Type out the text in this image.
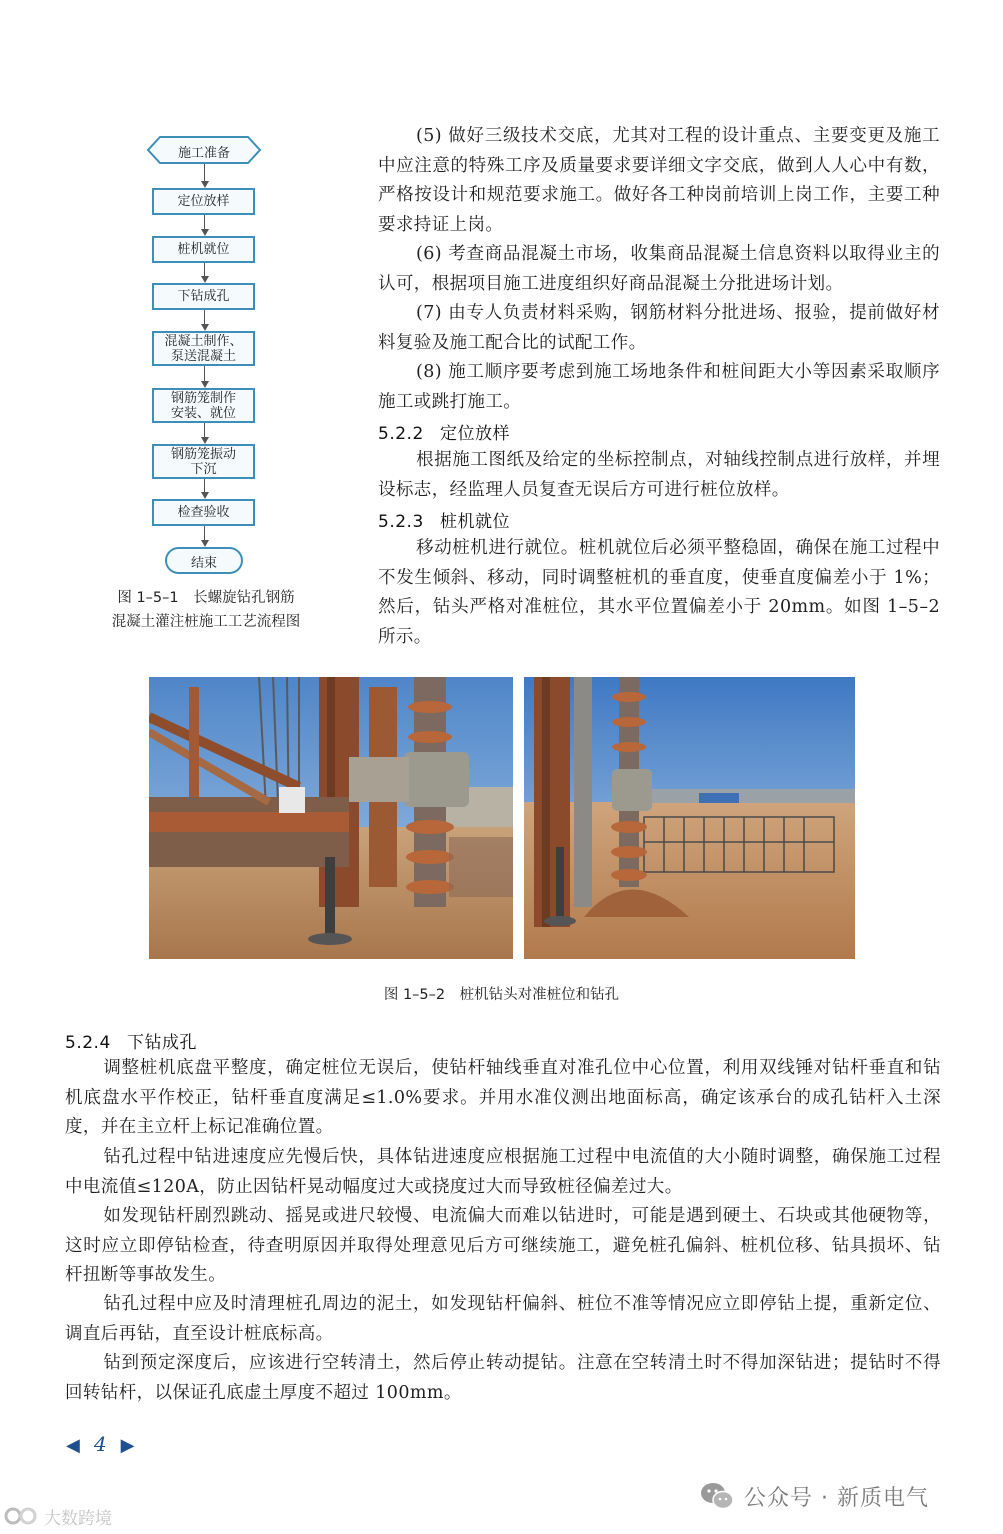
施工准备
定位放样
桩机就位
下钻成孔
混凝土制作、
泵送混凝土
钢筋笼制作
安装、就位
钢筋笼振动
下沉
检查验收
结束
图 1–5–1　长螺旋钻孔钢筋
混凝土灌注桩施工工艺流程图

(5) 做好三级技术交底，尤其对工程的设计重点、主要变更及施工中应注意的特殊工序及质量要求要详细文字交底，做到人人心中有数，严格按设计和规范要求施工。做好各工种岗前培训上岗工作，主要工种要求持证上岗。

(6) 考查商品混凝土市场，收集商品混凝土信息资料以取得业主的认可，根据项目施工进度组织好商品混凝土分批进场计划。

(7) 由专人负责材料采购，钢筋材料分批进场、报验，提前做好材料复验及施工配合比的试配工作。

(8) 施工顺序要考虑到施工场地条件和桩间距大小等因素采取顺序施工或跳打施工。

5.2.2 定位放样

根据施工图纸及给定的坐标控制点，对轴线控制点进行放样，并埋设标志，经监理人员复查无误后方可进行桩位放样。

5.2.3 桩机就位

移动桩机进行就位。桩机就位后必须平整稳固，确保在施工过程中不发生倾斜、移动，同时调整桩机的垂直度，使垂直度偏差小于 1%；然后，钻头严格对准桩位，其水平位置偏差小于 20mm。如图 1–5–2 所示。

图 1–5–2　桩机钻头对准桩位和钻孔
5.2.4 下钻成孔

调整桩机底盘平整度，确定桩位无误后，使钻杆轴线垂直对准孔位中心位置，利用双线锤对钻杆垂直和钻机底盘水平作校正，钻杆垂直度满足≤1.0%要求。并用水准仪测出地面标高，确定该承台的成孔钻杆入土深度，并在主立杆上标记准确位置。

钻孔过程中钻进速度应先慢后快，具体钻进速度应根据施工过程中电流值的大小随时调整，确保施工过程中电流值≤120A，防止因钻杆晃动幅度过大或挠度过大而导致桩径偏差过大。

如发现钻杆剧烈跳动、摇晃或进尺较慢、电流偏大而难以钻进时，可能是遇到硬土、石块或其他硬物等，这时应立即停钻检查，待查明原因并取得处理意见后方可继续施工，避免桩孔偏斜、桩机位移、钻具损坏、钻杆扭断等事故发生。

钻孔过程中应及时清理桩孔周边的泥土，如发现钻杆偏斜、桩位不准等情况应立即停钻上提，重新定位、调直后再钻，直至设计桩底标高。

钻到预定深度后，应该进行空转清土，然后停止转动提钻。注意在空转清土时不得加深钻进；提钻时不得回转钻杆，以保证孔底虚土厚度不超过 100mm。

◀ 4 ▶
公众号 · 新质电气
大数跨境
